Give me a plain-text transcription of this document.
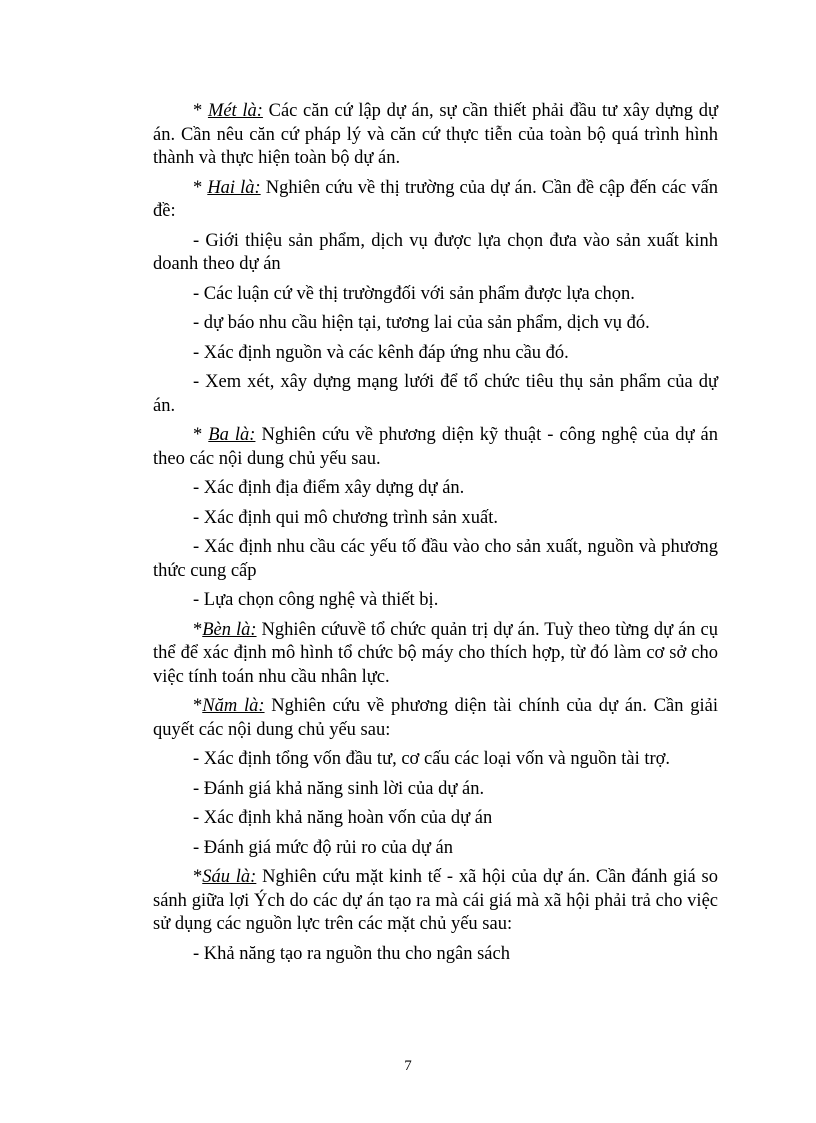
* Mét là: Các căn cứ lập dự án, sự cần thiết phải đầu tư xây dựng dự án. Cần nêu căn cứ pháp lý và căn cứ thực tiễn của toàn bộ quá trình hình thành và thực hiện toàn bộ dự án.

* Hai là: Nghiên cứu về thị trường của dự án. Cần đề cập đến các vấn đề:

- Giới thiệu sản phẩm, dịch vụ được lựa chọn đưa vào sản xuất kinh doanh theo dự án

- Các luận cứ về thị trườngđối với sản phẩm được lựa chọn.

- dự báo nhu cầu hiện tại, tương lai của sản phẩm, dịch vụ đó.

- Xác định nguồn và các kênh đáp ứng nhu cầu đó.

- Xem xét, xây dựng mạng lưới để tổ chức tiêu thụ sản phẩm của dự án.

* Ba là: Nghiên cứu về phương diện kỹ thuật - công nghệ của dự án theo các nội dung chủ yếu sau.

- Xác định địa điểm xây dựng dự án.

- Xác định qui mô chương trình sản xuất.

- Xác định nhu cầu các yếu tố đầu vào cho sản xuất, nguồn và phương thức cung cấp

- Lựa chọn công nghệ và thiết bị.

*Bèn là: Nghiên cứuvề tổ chức quản trị dự án. Tuỳ theo từng dự án cụ thể để xác định mô hình tổ chức bộ máy cho thích hợp, từ đó làm cơ sở cho việc tính toán nhu cầu nhân lực.

*Năm là: Nghiên cứu về phương diện tài chính của dự án. Cần giải quyết các nội dung chủ yếu sau:

- Xác định tổng vốn đầu tư, cơ cấu các loại vốn và nguồn tài trợ.

- Đánh giá khả năng sinh lời của dự án.

- Xác định khả năng hoàn vốn của dự án

- Đánh giá mức độ rủi ro của dự án

*Sáu là: Nghiên cứu mặt kinh tế - xã hội của dự án. Cần đánh giá so sánh giữa lợi Ých do các dự án tạo ra mà cái giá mà xã hội phải trả cho việc sử dụng các nguồn lực trên các mặt chủ yếu sau:

- Khả năng tạo ra nguồn thu cho ngân sách

7
